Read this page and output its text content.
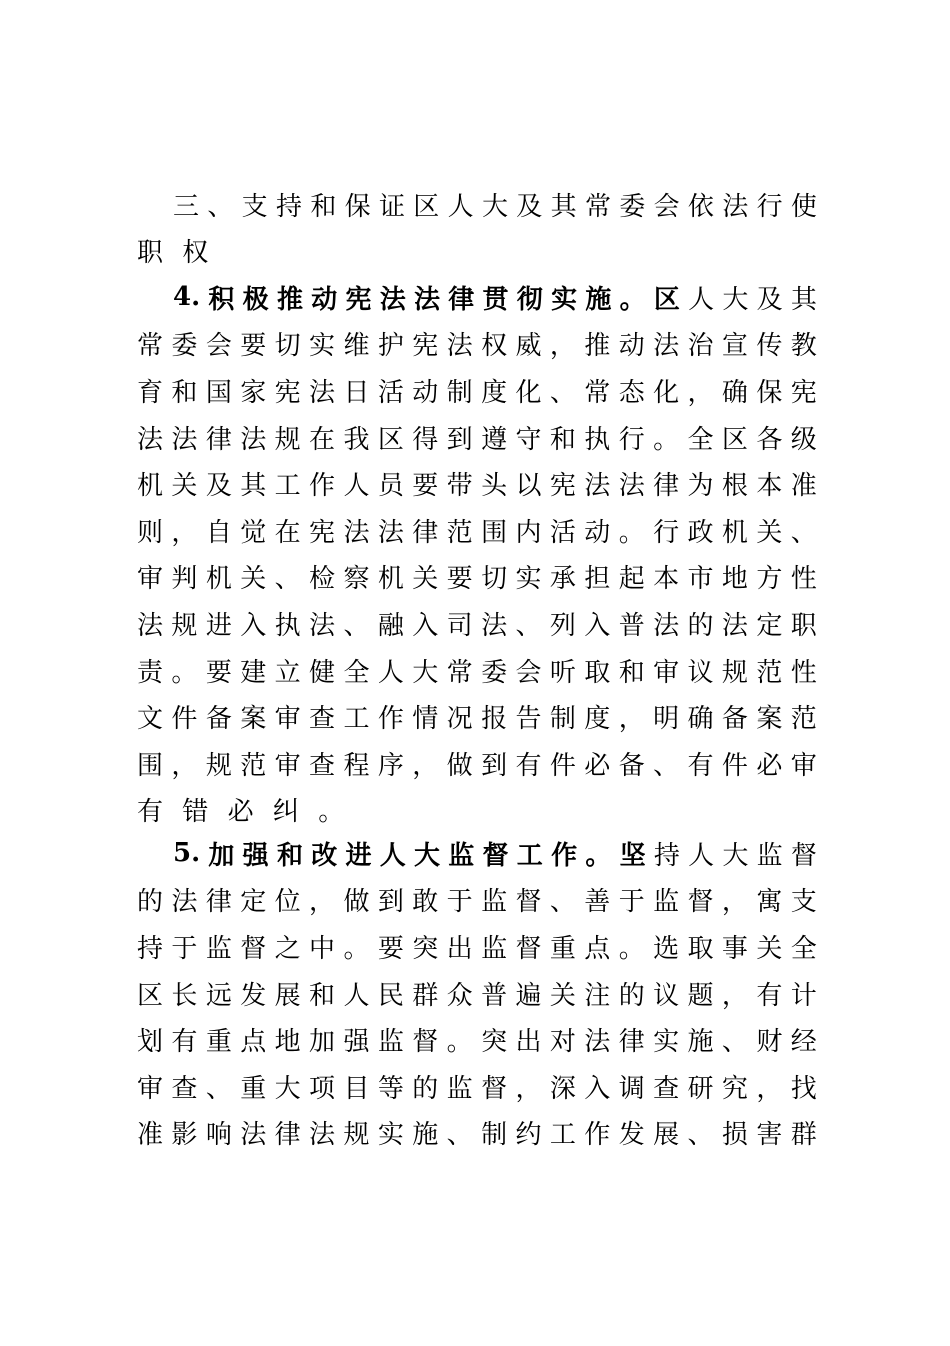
三 、 支 持 和 保 证 区 人 大 及 其 常 委 会 依 法 行 使
职 权
4. 积 极 推 动 宪 法 法 律 贯 彻 实 施 。 区 人 大 及 其
常 委 会 要 切 实 维 护 宪 法 权 威 ， 推 动 法 治 宣 传 教
育 和 国 家 宪 法 日 活 动 制 度 化 、 常 态 化 ， 确 保 宪
法 法 律 法 规 在 我 区 得 到 遵 守 和 执 行 。 全 区 各 级
机 关 及 其 工 作 人 员 要 带 头 以 宪 法 法 律 为 根 本 准
则 ， 自 觉 在 宪 法 法 律 范 围 内 活 动 。 行 政 机 关 、
审 判 机 关 、 检 察 机 关 要 切 实 承 担 起 本 市 地 方 性
法 规 进 入 执 法 、 融 入 司 法 、 列 入 普 法 的 法 定 职
责 。 要 建 立 健 全 人 大 常 委 会 听 取 和 审 议 规 范 性
文 件 备 案 审 查 工 作 情 况 报 告 制 度 ， 明 确 备 案 范
围 ， 规 范 审 查 程 序 ， 做 到 有 件 必 备 、 有 件 必 审
有 错 必 纠 。
5. 加 强 和 改 进 人 大 监 督 工 作 。 坚 持 人 大 监 督
的 法 律 定 位 ， 做 到 敢 于 监 督 、 善 于 监 督 ， 寓 支
持 于 监 督 之 中 。 要 突 出 监 督 重 点 。 选 取 事 关 全
区 长 远 发 展 和 人 民 群 众 普 遍 关 注 的 议 题 ， 有 计
划 有 重 点 地 加 强 监 督 。 突 出 对 法 律 实 施 、 财 经
审 查 、 重 大 项 目 等 的 监 督 ， 深 入 调 查 研 究 ， 找
准 影 响 法 律 法 规 实 施 、 制 约 工 作 发 展 、 损 害 群
